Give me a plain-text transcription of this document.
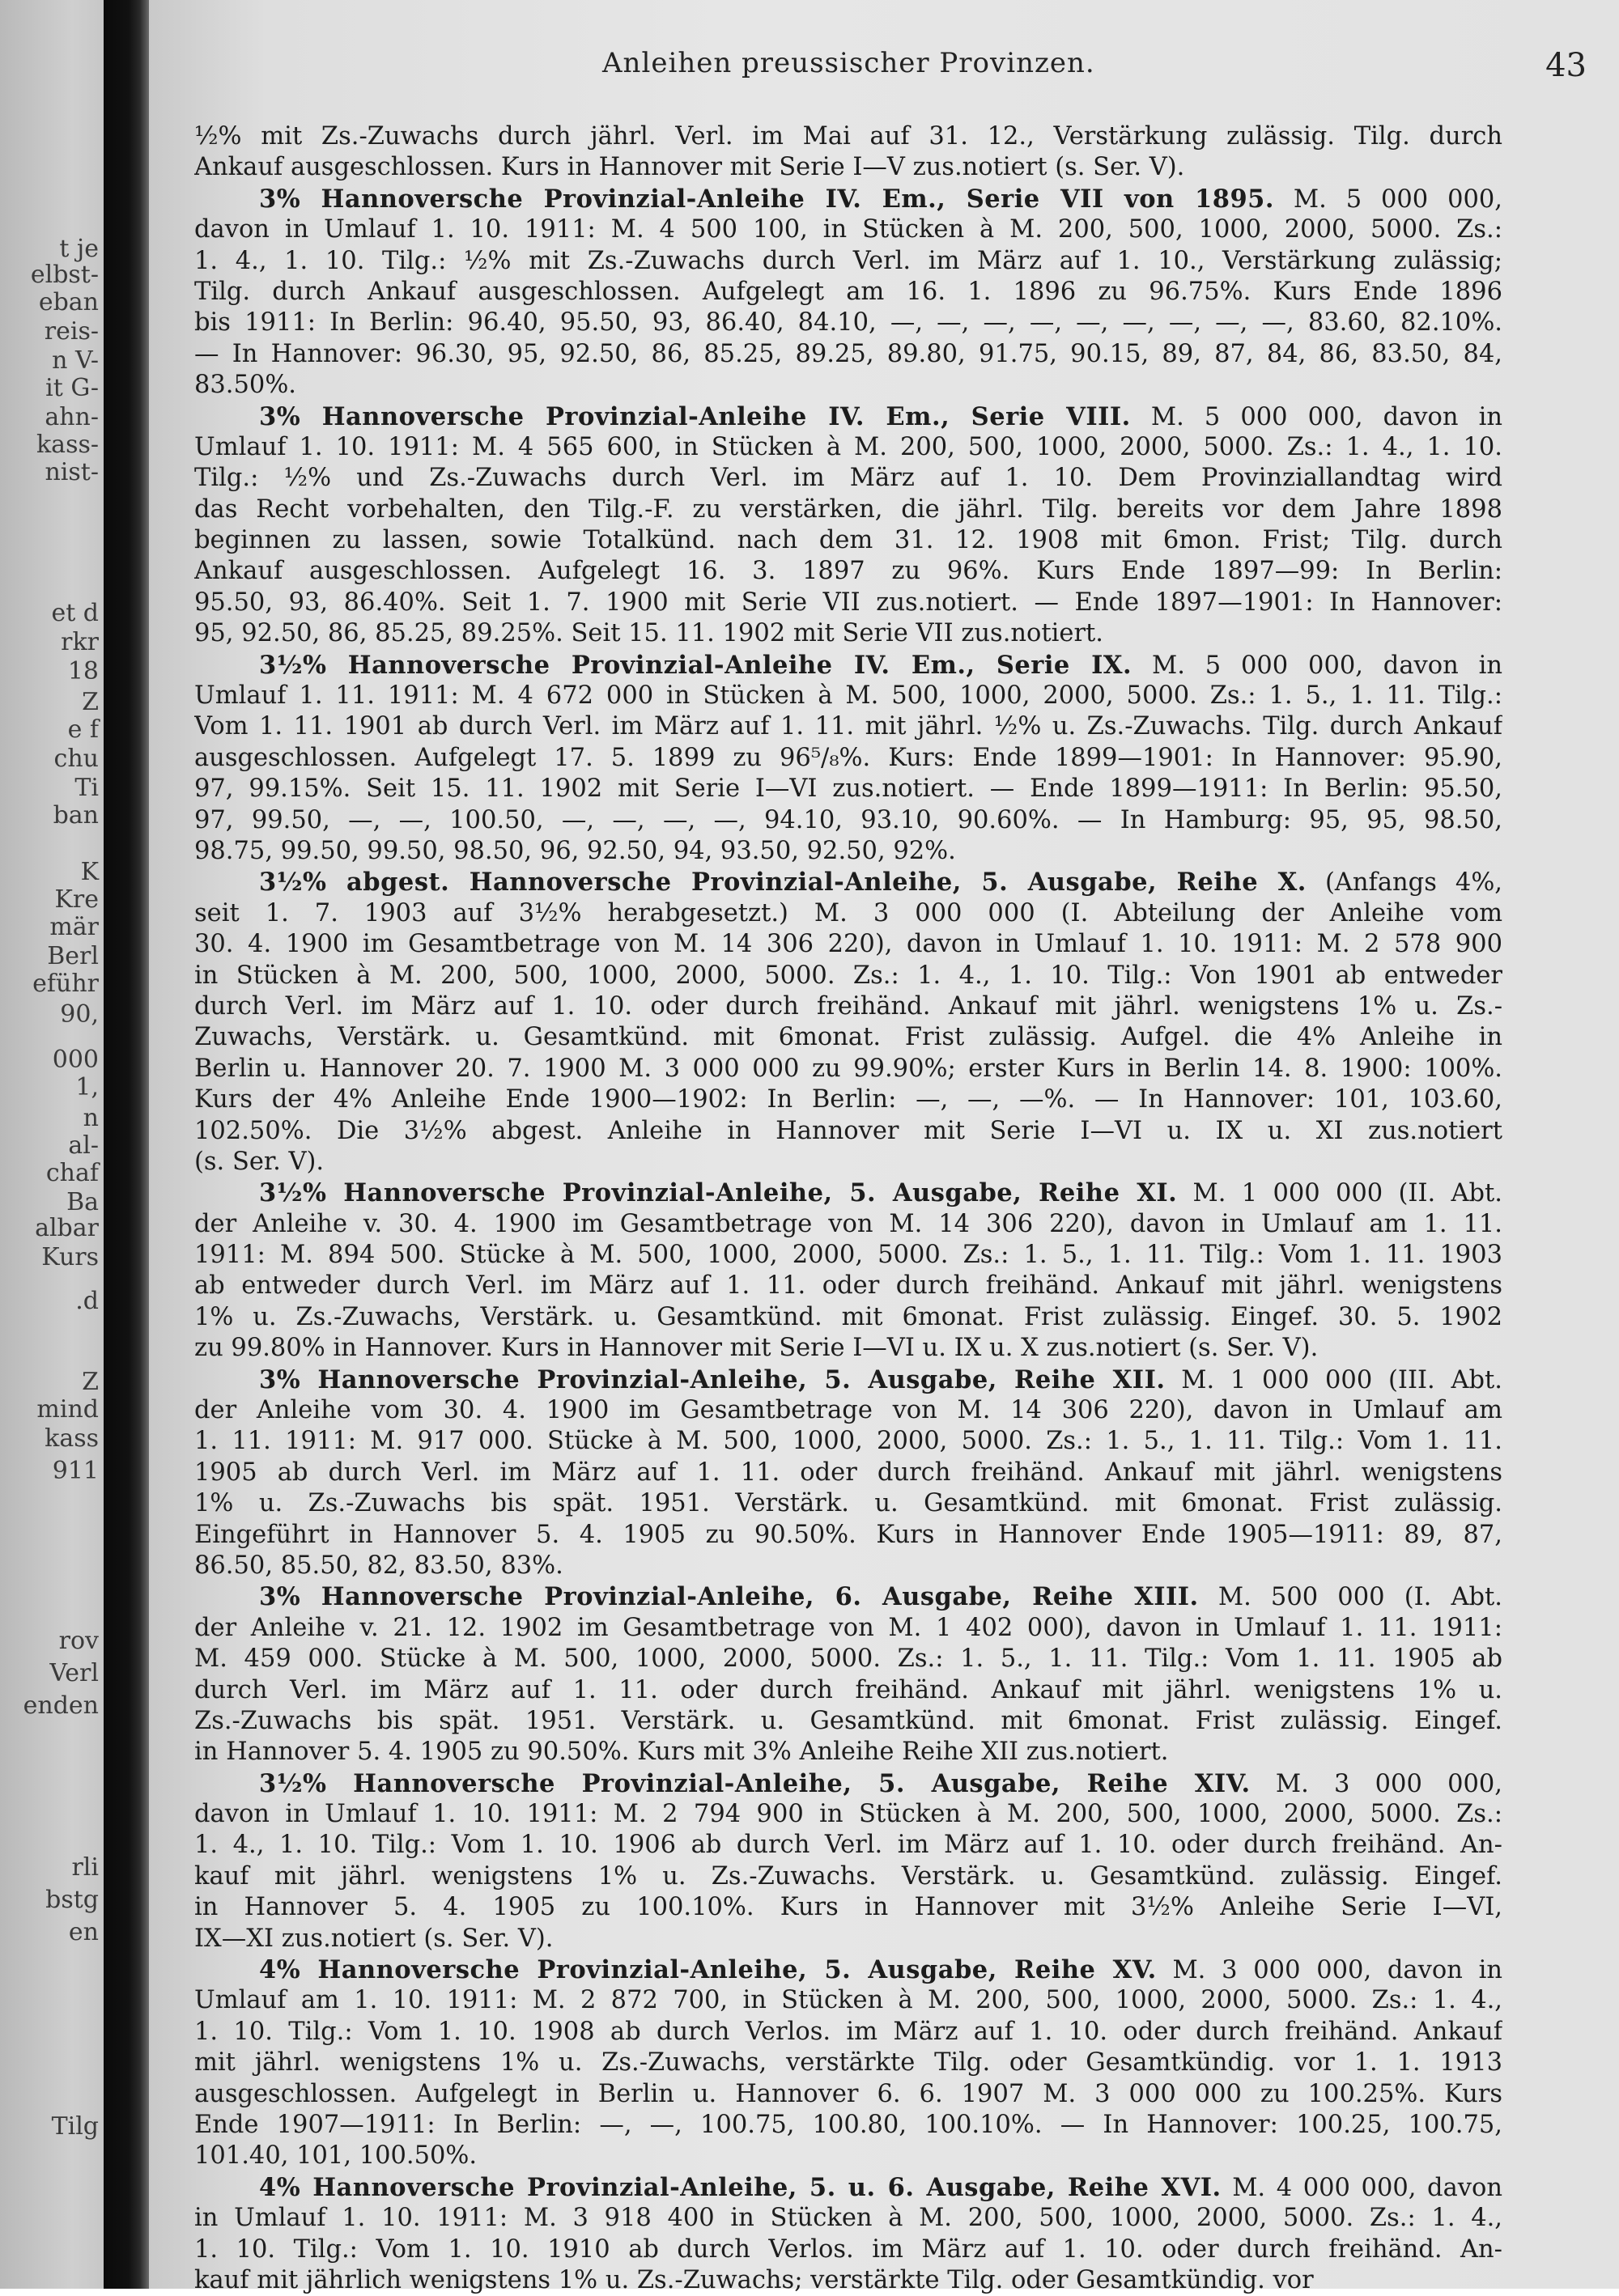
t je
elbst-
eban
reis-
n V-
it G-
ahn-
kass-
nist-
et d
rkr
18
Z
e f
chu
Ti
ban
K
Kre
mär
Berl
eführ
90,
000
1,
n
al-
chaf
Ba
albar
Kurs
.d
Z
mind
kass
911
rov
Verl
enden
rli
bstg
en
Tilg
Anleihen preussischer Provinzen.	43
½% mit Zs.-Zuwachs durch jährl. Verl. im Mai auf 31. 12., Verstärkung zulässig. Tilg. durch
Ankauf ausgeschlossen. Kurs in Hannover mit Serie I—V zus.notiert (s. Ser. V).
3% Hannoversche Provinzial-Anleihe IV. Em., Serie VII von 1895. M. 5 000 000,
davon in Umlauf 1. 10. 1911: M. 4 500 100, in Stücken à M. 200, 500, 1000, 2000, 5000. Zs.:
1. 4., 1. 10. Tilg.: ½% mit Zs.-Zuwachs durch Verl. im März auf 1. 10., Verstärkung zulässig;
Tilg. durch Ankauf ausgeschlossen. Aufgelegt am 16. 1. 1896 zu 96.75%. Kurs Ende 1896
bis 1911: In Berlin: 96.40, 95.50, 93, 86.40, 84.10, —, —, —, —, —, —, —, —, —, 83.60, 82.10%.
— In Hannover: 96.30, 95, 92.50, 86, 85.25, 89.25, 89.80, 91.75, 90.15, 89, 87, 84, 86, 83.50, 84,
83.50%.
3% Hannoversche Provinzial-Anleihe IV. Em., Serie VIII. M. 5 000 000, davon in
Umlauf 1. 10. 1911: M. 4 565 600, in Stücken à M. 200, 500, 1000, 2000, 5000. Zs.: 1. 4., 1. 10.
Tilg.: ½% und Zs.-Zuwachs durch Verl. im März auf 1. 10. Dem Provinziallandtag wird
das Recht vorbehalten, den Tilg.-F. zu verstärken, die jährl. Tilg. bereits vor dem Jahre 1898
beginnen zu lassen, sowie Totalkünd. nach dem 31. 12. 1908 mit 6mon. Frist; Tilg. durch
Ankauf ausgeschlossen. Aufgelegt 16. 3. 1897 zu 96%. Kurs Ende 1897—99: In Berlin:
95.50, 93, 86.40%. Seit 1. 7. 1900 mit Serie VII zus.notiert. — Ende 1897—1901: In Hannover:
95, 92.50, 86, 85.25, 89.25%. Seit 15. 11. 1902 mit Serie VII zus.notiert.
3½% Hannoversche Provinzial-Anleihe IV. Em., Serie IX. M. 5 000 000, davon in
Umlauf 1. 11. 1911: M. 4 672 000 in Stücken à M. 500, 1000, 2000, 5000. Zs.: 1. 5., 1. 11. Tilg.:
Vom 1. 11. 1901 ab durch Verl. im März auf 1. 11. mit jährl. ½% u. Zs.-Zuwachs. Tilg. durch Ankauf
ausgeschlossen. Aufgelegt 17. 5. 1899 zu 96⁵/₈%. Kurs: Ende 1899—1901: In Hannover: 95.90,
97, 99.15%. Seit 15. 11. 1902 mit Serie I—VI zus.notiert. — Ende 1899—1911: In Berlin: 95.50,
97, 99.50, —, —, 100.50, —, —, —, —, 94.10, 93.10, 90.60%. — In Hamburg: 95, 95, 98.50,
98.75, 99.50, 99.50, 98.50, 96, 92.50, 94, 93.50, 92.50, 92%.
3½% abgest. Hannoversche Provinzial-Anleihe, 5. Ausgabe, Reihe X. (Anfangs 4%,
seit 1. 7. 1903 auf 3½% herabgesetzt.) M. 3 000 000 (I. Abteilung der Anleihe vom
30. 4. 1900 im Gesamtbetrage von M. 14 306 220), davon in Umlauf 1. 10. 1911: M. 2 578 900
in Stücken à M. 200, 500, 1000, 2000, 5000. Zs.: 1. 4., 1. 10. Tilg.: Von 1901 ab entweder
durch Verl. im März auf 1. 10. oder durch freihänd. Ankauf mit jährl. wenigstens 1% u. Zs.-
Zuwachs, Verstärk. u. Gesamtkünd. mit 6monat. Frist zulässig. Aufgel. die 4% Anleihe in
Berlin u. Hannover 20. 7. 1900 M. 3 000 000 zu 99.90%; erster Kurs in Berlin 14. 8. 1900: 100%.
Kurs der 4% Anleihe Ende 1900—1902: In Berlin: —, —, —%. — In Hannover: 101, 103.60,
102.50%. Die 3½% abgest. Anleihe in Hannover mit Serie I—VI u. IX u. XI zus.notiert
(s. Ser. V).
3½% Hannoversche Provinzial-Anleihe, 5. Ausgabe, Reihe XI. M. 1 000 000 (II. Abt.
der Anleihe v. 30. 4. 1900 im Gesamtbetrage von M. 14 306 220), davon in Umlauf am 1. 11.
1911: M. 894 500. Stücke à M. 500, 1000, 2000, 5000. Zs.: 1. 5., 1. 11. Tilg.: Vom 1. 11. 1903
ab entweder durch Verl. im März auf 1. 11. oder durch freihänd. Ankauf mit jährl. wenigstens
1% u. Zs.-Zuwachs, Verstärk. u. Gesamtkünd. mit 6monat. Frist zulässig. Eingef. 30. 5. 1902
zu 99.80% in Hannover. Kurs in Hannover mit Serie I—VI u. IX u. X zus.notiert (s. Ser. V).
3% Hannoversche Provinzial-Anleihe, 5. Ausgabe, Reihe XII. M. 1 000 000 (III. Abt.
der Anleihe vom 30. 4. 1900 im Gesamtbetrage von M. 14 306 220), davon in Umlauf am
1. 11. 1911: M. 917 000. Stücke à M. 500, 1000, 2000, 5000. Zs.: 1. 5., 1. 11. Tilg.: Vom 1. 11.
1905 ab durch Verl. im März auf 1. 11. oder durch freihänd. Ankauf mit jährl. wenigstens
1% u. Zs.-Zuwachs bis spät. 1951. Verstärk. u. Gesamtkünd. mit 6monat. Frist zulässig.
Eingeführt in Hannover 5. 4. 1905 zu 90.50%. Kurs in Hannover Ende 1905—1911: 89, 87,
86.50, 85.50, 82, 83.50, 83%.
3% Hannoversche Provinzial-Anleihe, 6. Ausgabe, Reihe XIII. M. 500 000 (I. Abt.
der Anleihe v. 21. 12. 1902 im Gesamtbetrage von M. 1 402 000), davon in Umlauf 1. 11. 1911:
M. 459 000. Stücke à M. 500, 1000, 2000, 5000. Zs.: 1. 5., 1. 11. Tilg.: Vom 1. 11. 1905 ab
durch Verl. im März auf 1. 11. oder durch freihänd. Ankauf mit jährl. wenigstens 1% u.
Zs.-Zuwachs bis spät. 1951. Verstärk. u. Gesamtkünd. mit 6monat. Frist zulässig. Eingef.
in Hannover 5. 4. 1905 zu 90.50%. Kurs mit 3% Anleihe Reihe XII zus.notiert.
3½% Hannoversche Provinzial-Anleihe, 5. Ausgabe, Reihe XIV. M. 3 000 000,
davon in Umlauf 1. 10. 1911: M. 2 794 900 in Stücken à M. 200, 500, 1000, 2000, 5000. Zs.:
1. 4., 1. 10. Tilg.: Vom 1. 10. 1906 ab durch Verl. im März auf 1. 10. oder durch freihänd. An-
kauf mit jährl. wenigstens 1% u. Zs.-Zuwachs. Verstärk. u. Gesamtkünd. zulässig. Eingef.
in Hannover 5. 4. 1905 zu 100.10%. Kurs in Hannover mit 3½% Anleihe Serie I—VI,
IX—XI zus.notiert (s. Ser. V).
4% Hannoversche Provinzial-Anleihe, 5. Ausgabe, Reihe XV. M. 3 000 000, davon in
Umlauf am 1. 10. 1911: M. 2 872 700, in Stücken à M. 200, 500, 1000, 2000, 5000. Zs.: 1. 4.,
1. 10. Tilg.: Vom 1. 10. 1908 ab durch Verlos. im März auf 1. 10. oder durch freihänd. Ankauf
mit jährl. wenigstens 1% u. Zs.-Zuwachs, verstärkte Tilg. oder Gesamtkündig. vor 1. 1. 1913
ausgeschlossen. Aufgelegt in Berlin u. Hannover 6. 6. 1907 M. 3 000 000 zu 100.25%. Kurs
Ende 1907—1911: In Berlin: —, —, 100.75, 100.80, 100.10%. — In Hannover: 100.25, 100.75,
101.40, 101, 100.50%.
4% Hannoversche Provinzial-Anleihe, 5. u. 6. Ausgabe, Reihe XVI. M. 4 000 000, davon
in Umlauf 1. 10. 1911: M. 3 918 400 in Stücken à M. 200, 500, 1000, 2000, 5000. Zs.: 1. 4.,
1. 10. Tilg.: Vom 1. 10. 1910 ab durch Verlos. im März auf 1. 10. oder durch freihänd. An-
kauf mit jährlich wenigstens 1% u. Zs.-Zuwachs; verstärkte Tilg. oder Gesamtkündig. vor
